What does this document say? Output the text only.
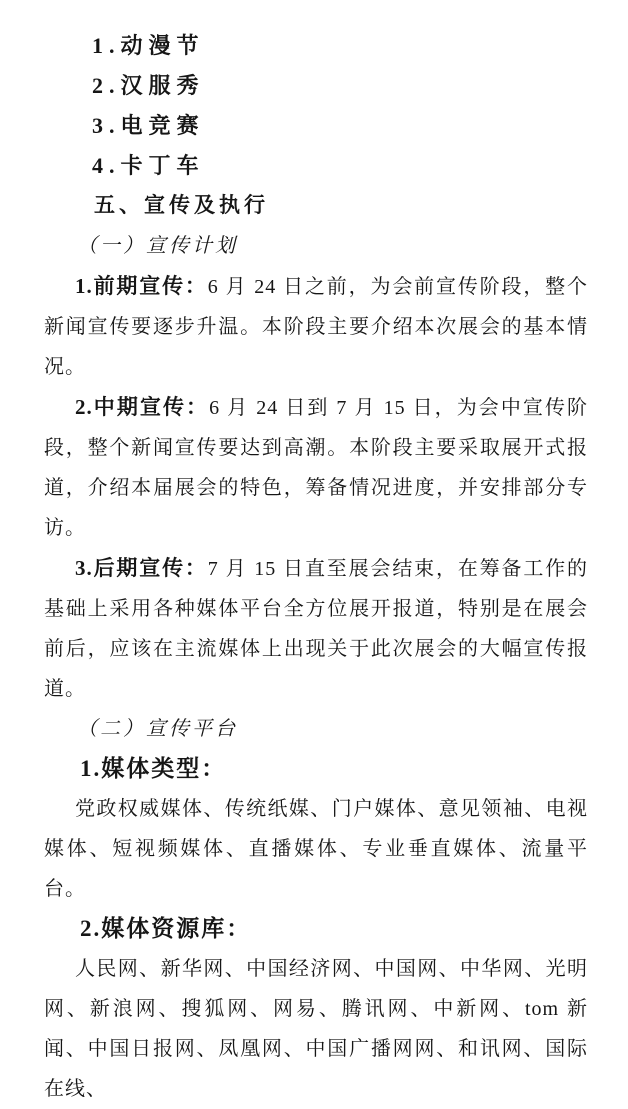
1.动漫节

2.汉服秀

3.电竞赛

4.卡丁车

五、宣传及执行

（一）宣传计划

1.前期宣传：6 月 24 日之前，为会前宣传阶段，整个新闻宣传要逐步升温。本阶段主要介绍本次展会的基本情况。

2.中期宣传：6 月 24 日到 7 月 15 日，为会中宣传阶段，整个新闻宣传要达到高潮。本阶段主要采取展开式报道，介绍本届展会的特色，筹备情况进度，并安排部分专访。

3.后期宣传：7 月 15 日直至展会结束，在筹备工作的基础上采用各种媒体平台全方位展开报道，特别是在展会前后，应该在主流媒体上出现关于此次展会的大幅宣传报道。

（二）宣传平台

1.媒体类型：

党政权威媒体、传统纸媒、门户媒体、意见领袖、电视媒体、短视频媒体、直播媒体、专业垂直媒体、流量平台。

2.媒体资源库：

人民网、新华网、中国经济网、中国网、中华网、光明网、新浪网、搜狐网、网易、腾讯网、中新网、tom 新闻、中国日报网、凤凰网、中国广播网网、和讯网、国际在线、
